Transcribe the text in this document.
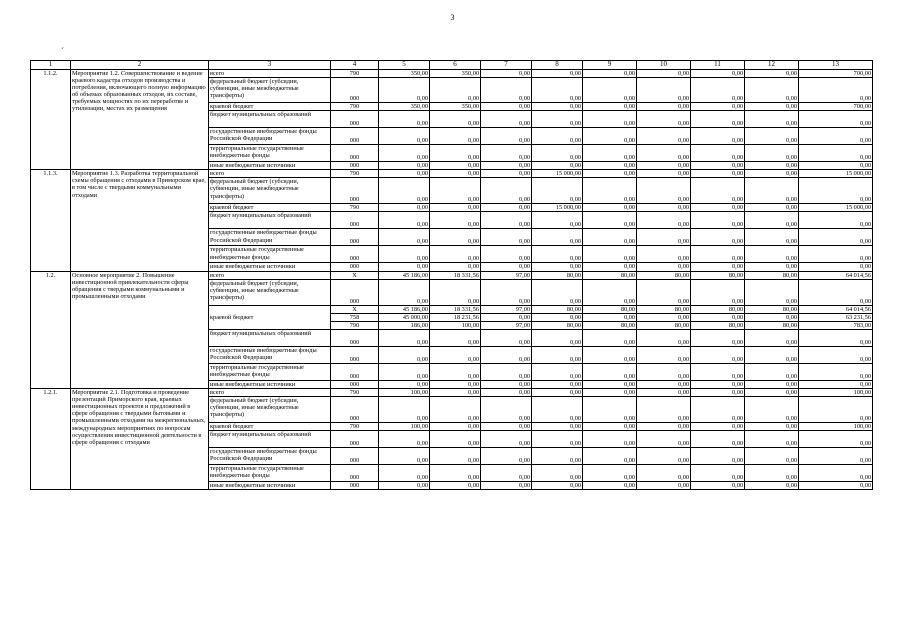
3
´
1	2	3	4	5	6	7	8	9	10	11	12	13
1.1.2.	Мероприятие 1.2. Совершенствование и ведение краевого кадастра отходов производства и потребления, включающего полную информацию об объемах образованных отходов, их составе, требуемых мощностях по их переработке и утилизации, местах их размещения	всего	790	350,00	350,00	0,00	0,00	0,00	0,00	0,00	0,00	700,00
		федеральный бюджет (субсидии, субвенции, иные межбюджетные трансферты)	000	0,00	0,00	0,00	0,00	0,00	0,00	0,00	0,00	0,00
		краевой бюджет	790	350,00	350,00	0,00	0,00	0,00	0,00	0,00	0,00	700,00
		бюджет муниципальных образований	000	0,00	0,00	0,00	0,00	0,00	0,00	0,00	0,00	0,00
		государственные внебюджетные фонды Российской Федерации	000	0,00	0,00	0,00	0,00	0,00	0,00	0,00	0,00	0,00
		территориальные государственные внебюджетные фонды	000	0,00	0,00	0,00	0,00	0,00	0,00	0,00	0,00	0,00
		иные внебюджетные источники	000	0,00	0,00	0,00	0,00	0,00	0,00	0,00	0,00	0,00
1.1.3.	Мероприятие 1.3. Разработка территориальной схемы обращения с отходами в Приморском крае, в том числе с твердыми коммунальными отходами	всего	790	0,00	0,00	0,00	15 000,00	0,00	0,00	0,00	0,00	15 000,00
		федеральный бюджет (субсидии, субвенции, иные межбюджетные трансферты)	000	0,00	0,00	0,00	0,00	0,00	0,00	0,00	0,00	0,00
		краевой бюджет	790	0,00	0,00	0,00	15 000,00	0,00	0,00	0,00	0,00	15 000,00
		бюджет муниципальных образований	000	0,00	0,00	0,00	0,00	0,00	0,00	0,00	0,00	0,00
		государственные внебюджетные фонды Российской Федерации	000	0,00	0,00	0,00	0,00	0,00	0,00	0,00	0,00	0,00
		территориальные государственные внебюджетные фонды	000	0,00	0,00	0,00	0,00	0,00	0,00	0,00	0,00	0,00
		иные внебюджетные источники	000	0,00	0,00	0,00	0,00	0,00	0,00	0,00	0,00	0,00
1.2.	Основное мероприятие 2. Повышение инвестиционной привлекательности сферы обращения с твердыми коммунальными и промышленными отходами	всего	Х	45 186,00	18 331,56	97,00	80,00	80,00	80,00	80,00	80,00	64 014,56
		федеральный бюджет (субсидии, субвенции, иные межбюджетные трансферты)	000	0,00	0,00	0,00	0,00	0,00	0,00	0,00	0,00	0,00
		краевой бюджет	Х	45 186,00	18 331,56	97,00	80,00	80,00	80,00	80,00	80,00	64 014,56
			758	45 000,00	18 231,56	0,00	0,00	0,00	0,00	0,00	0,00	63 231,56
			790	186,00	100,00	97,00	80,00	80,00	80,00	80,00	80,00	783,00
		бюджет муниципальных образований	000	0,00	0,00	0,00	0,00	0,00	0,00	0,00	0,00	0,00
		государственные внебюджетные фонды Российской Федерации	000	0,00	0,00	0,00	0,00	0,00	0,00	0,00	0,00	0,00
		территориальные государственные внебюджетные фонды	000	0,00	0,00	0,00	0,00	0,00	0,00	0,00	0,00	0,00
		иные внебюджетные источники	000	0,00	0,00	0,00	0,00	0,00	0,00	0,00	0,00	0,00
1.2.1.	Мероприятие 2.1. Подготовка и проведение презентаций Приморского края, краевых инвестиционных проектов и предложений в сфере обращения с твердыми бытовыми и промышленными отходами на межрегиональных, международных мероприятиях по вопросам осуществления инвестиционной деятельности в сфере обращения с отходами	всего	790	100,00	0,00	0,00	0,00	0,00	0,00	0,00	0,00	100,00
		федеральный бюджет (субсидии, субвенции, иные межбюджетные трансферты)	000	0,00	0,00	0,00	0,00	0,00	0,00	0,00	0,00	0,00
		краевой бюджет	790	100,00	0,00	0,00	0,00	0,00	0,00	0,00	0,00	100,00
		бюджет муниципальных образований	000	0,00	0,00	0,00	0,00	0,00	0,00	0,00	0,00	0,00
		государственные внебюджетные фонды Российской Федерации	000	0,00	0,00	0,00	0,00	0,00	0,00	0,00	0,00	0,00
		территориальные государственные внебюджетные фонды	000	0,00	0,00	0,00	0,00	0,00	0,00	0,00	0,00	0,00
		иные внебюджетные источники	000	0,00	0,00	0,00	0,00	0,00	0,00	0,00	0,00	0,00
